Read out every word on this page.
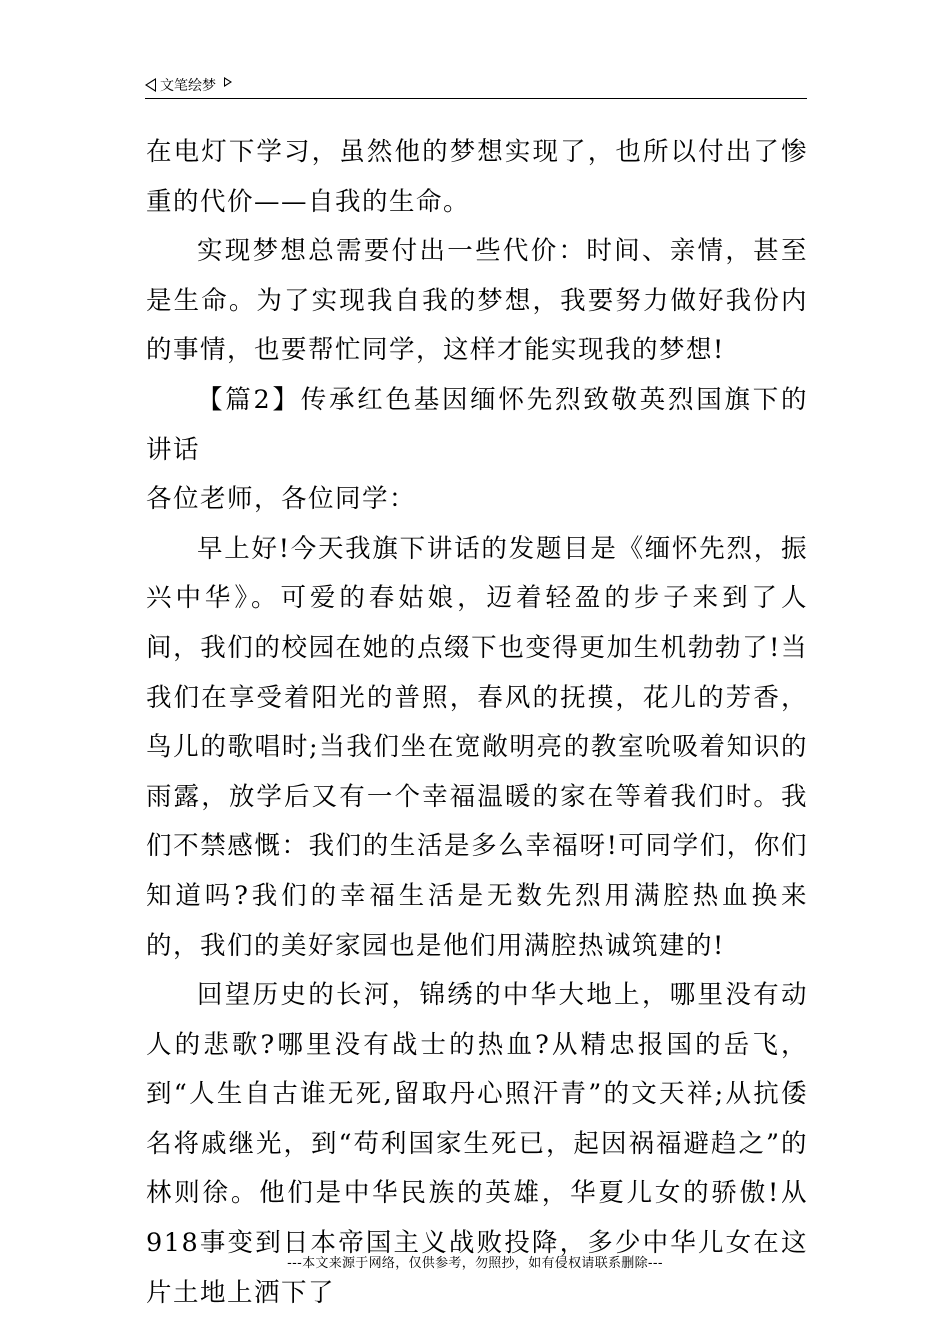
文笔绘梦

在电灯下学习，虽然他的梦想实现了，也所以付出了惨重的代价——自我的生命。

实现梦想总需要付出一些代价：时间、亲情，甚至是生命。为了实现我自我的梦想，我要努力做好我份内的事情，也要帮忙同学，这样才能实现我的梦想!

【篇2】传承红色基因缅怀先烈致敬英烈国旗下的讲话

各位老师，各位同学：

早上好!今天我旗下讲话的发题目是《缅怀先烈，振兴中华》。可爱的春姑娘，迈着轻盈的步子来到了人间，我们的校园在她的点缀下也变得更加生机勃勃了!当我们在享受着阳光的普照，春风的抚摸，花儿的芳香，鸟儿的歌唱时;当我们坐在宽敞明亮的教室吮吸着知识的雨露，放学后又有一个幸福温暖的家在等着我们时。我们不禁感慨：我们的生活是多么幸福呀!可同学们，你们知道吗?我们的幸福生活是无数先烈用满腔热血换来的，我们的美好家园也是他们用满腔热诚筑建的!

回望历史的长河，锦绣的中华大地上，哪里没有动人的悲歌?哪里没有战士的热血?从精忠报国的岳飞，到“人生自古谁无死,留取丹心照汗青”的文天祥;从抗倭名将戚继光，到“苟利国家生死已，起因祸福避趋之”的林则徐。他们是中华民族的英雄，华夏儿女的骄傲!从918事变到日本帝国主义战败投降，多少中华儿女在这片土地上洒下了

---本文来源于网络，仅供参考，勿照抄，如有侵权请联系删除---
